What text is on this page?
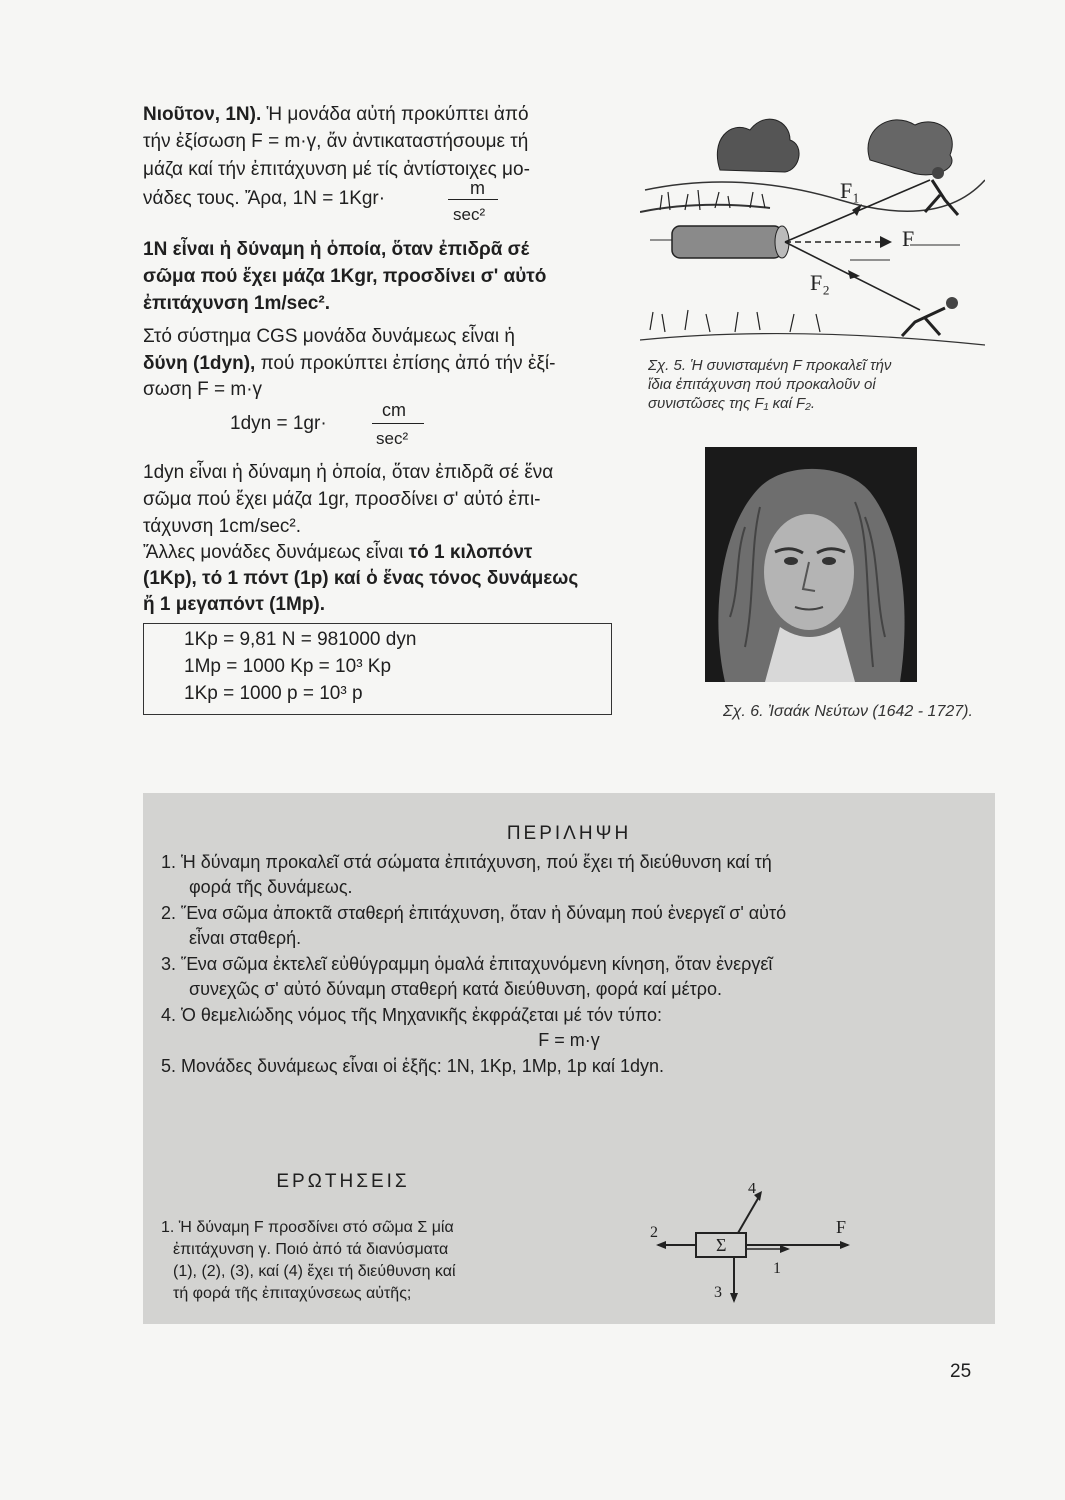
Νιοῦτον, 1N). Ἡ μονάδα αὐτή προκύπτει ἀπό
τήν ἐξίσωση F = m·γ, ἄν ἀντικαταστήσουμε τή
μάζα καί τήν ἐπιτάχυνση μέ τίς ἀντίστοιχες μο-
νάδες τους. Ἄρα, 1Ν = 1Kgr·	m
sec²
1Ν εἶναι ἡ δύναμη ἡ ὁποία, ὅταν ἐπιδρᾶ σέ
σῶμα πού ἔχει μάζα 1Kgr, προσδίνει σ' αὐτό
ἐπιτάχυνση 1m/sec².
Στό σύστημα CGS μονάδα δυνάμεως εἶναι ἡ
δύνη (1dyn), πού προκύπτει ἐπίσης ἀπό τήν ἐξί-
σωση F = m·γ
1dyn = 1gr·
cm
sec²
1dyn εἶναι ἡ δύναμη ἡ ὁποία, ὅταν ἐπιδρᾶ σέ ἕνα
σῶμα πού ἔχει μάζα 1gr, προσδίνει σ' αὐτό ἐπι-
τάχυνση 1cm/sec².
Ἄλλες μονάδες δυνάμεως εἶναι τό 1 κιλοπόντ
(1Kp), τό 1 πόντ (1p) καί ὁ ἕνας τόνος δυνάμεως
ἤ 1 μεγαπόντ (1Mp).
1Kp = 9,81 N = 981000 dyn
1Mp = 1000 Kp = 10³ Kp
1Kp = 1000 p = 10³ p
F₁
F
F₂
Σχ. 5. Ἡ συνισταμένη F προκαλεῖ τήν
ἴδια ἐπιτάχυνση πού προκαλοῦν οἱ
συνιστῶσες της F₁ καί F₂.
Σχ. 6. Ἰσαάκ Νεύτων (1642 - 1727).
ΠΕΡΙΛΗΨΗ
1. Ἡ δύναμη προκαλεῖ στά σώματα ἐπιτάχυνση, πού ἔχει τή διεύθυνση καί τή
φορά τῆς δυνάμεως.
2. Ἕνα σῶμα ἀποκτᾶ σταθερή ἐπιτάχυνση, ὅταν ἡ δύναμη πού ἐνεργεῖ σ' αὐτό
εἶναι σταθερή.
3. Ἕνα σῶμα ἐκτελεῖ εὐθύγραμμη ὁμαλά ἐπιταχυνόμενη κίνηση, ὅταν ἐνεργεῖ
συνεχῶς σ' αὐτό δύναμη σταθερή κατά διεύθυνση, φορά καί μέτρο.
4. Ὁ θεμελιώδης νόμος τῆς Μηχανικῆς ἐκφράζεται μέ τόν τύπο:
F = m·γ
5. Μονάδες δυνάμεως εἶναι οἱ ἑξῆς: 1Ν, 1Kp, 1Mp, 1p καί 1dyn.
ΕΡΩΤΗΣΕΙΣ
1. Ἡ δύναμη F προσδίνει στό σῶμα Σ μία
ἐπιτάχυνση γ. Ποιό ἀπό τά διανύσματα
(1), (2), (3), καί (4) ἔχει τή διεύθυνση καί
τή φορά τῆς ἐπιταχύνσεως αὐτῆς;
Σ
1
2
3
4
F
25
